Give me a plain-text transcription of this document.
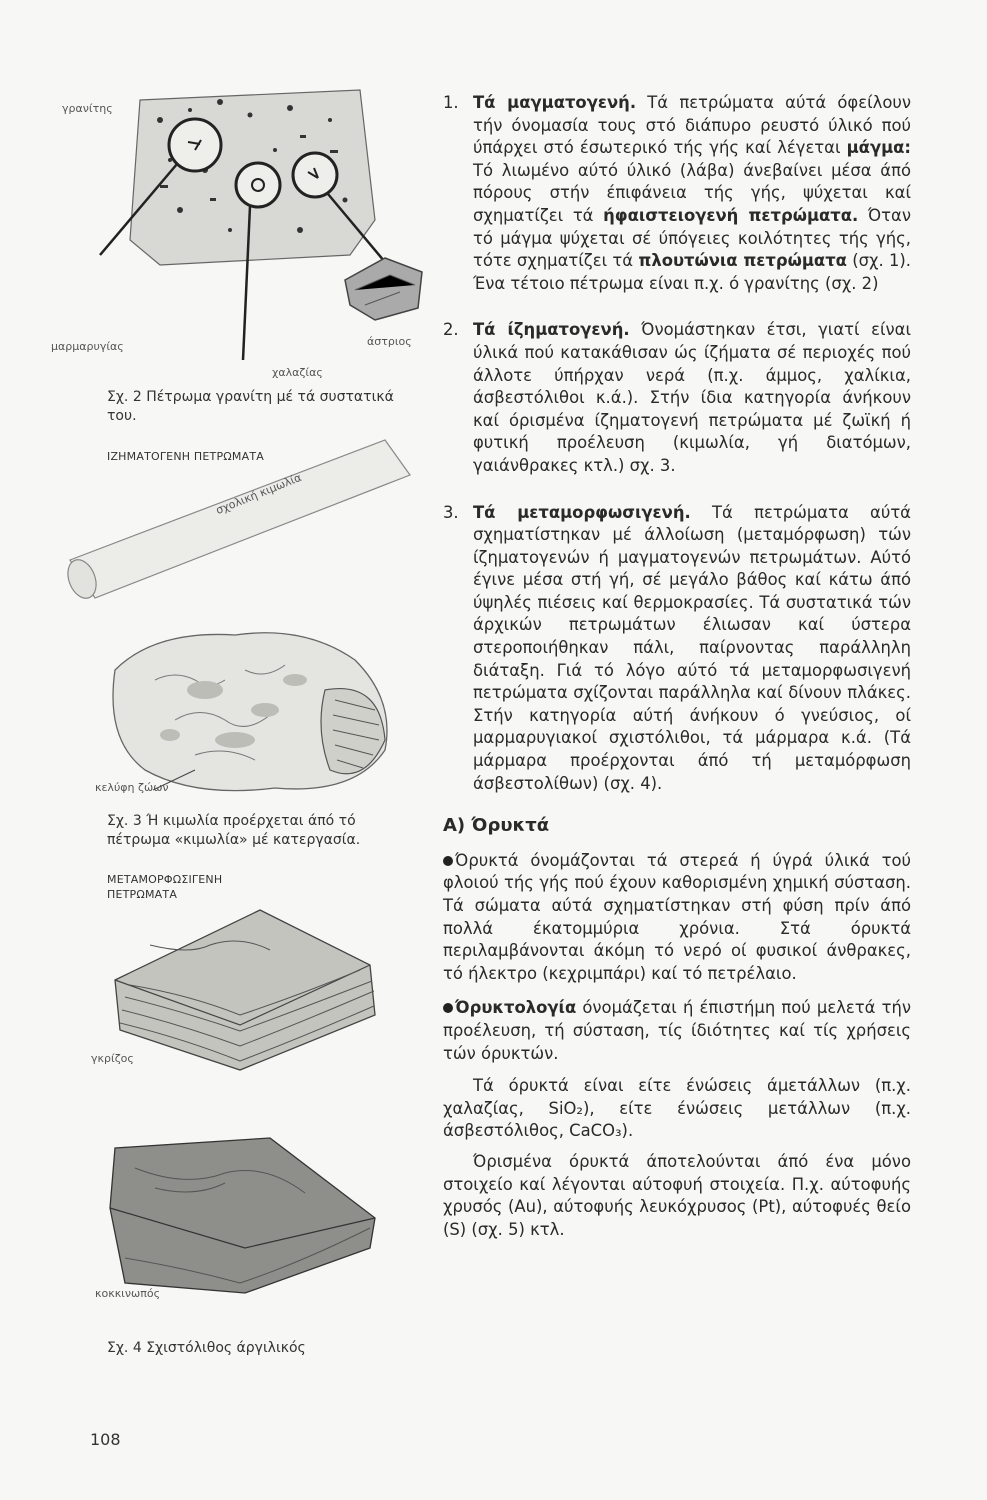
γρανίτης
μαρμαρυγίας	άστριος
χαλαζίας
Σχ. 2 Πέτρωμα γρανίτη μέ τά συστατικά του.
ΙΖΗΜΑΤΟΓΕΝΗ ΠΕΤΡΩΜΑΤΑ
σχολική κιμωλία
κελύφη ζώων
Σχ. 3 Ή κιμωλία προέρχεται άπό τό πέτρωμα «κιμωλία» μέ κατεργασία.
ΜΕΤΑΜΟΡΦΩΣΙΓΕΝΗ ΠΕΤΡΩΜΑΤΑ
γκρίζος
κοκκινωπός
Σχ. 4 Σχιστόλιθος άργιλικός
1. Τά μαγματογενή. Τά πετρώματα αύτά όφείλουν τήν όνομασία τους στό διάπυρο ρευστό ύλικό πού ύπάρχει στό έσωτερικό τής γής καί λέγεται μάγμα: Τό λιωμένο αύτό ύλικό (λάβα) άνεβαίνει μέσα άπό πόρους στήν έπιφάνεια τής γής, ψύχεται καί σχηματίζει τά ήφαιστειογενή πετρώματα. Όταν τό μάγμα ψύχεται σέ ύπόγειες κοιλότητες τής γής, τότε σχηματίζει τά πλουτώνια πετρώματα (σχ. 1). Ένα τέτοιο πέτρωμα είναι π.χ. ό γρανίτης (σχ. 2)
2. Τά ίζηματογενή. Όνομάστηκαν έτσι, γιατί είναι ύλικά πού κατακάθισαν ώς ίζήματα σέ περιοχές πού άλλοτε ύπήρχαν νερά (π.χ. άμμος, χαλίκια, άσβεστόλιθοι κ.ά.). Στήν ίδια κατηγορία άνήκουν καί όρισμένα ίζηματογενή πετρώματα μέ ζωϊκή ή φυτική προέλευση (κιμωλία, γή διατόμων, γαιάνθρακες κτλ.) σχ. 3.
3. Τά μεταμορφωσιγενή. Τά πετρώματα αύτά σχηματίστηκαν μέ άλλοίωση (μεταμόρφωση) τών ίζηματογενών ή μαγματογενών πετρωμάτων. Αύτό έγινε μέσα στή γή, σέ μεγάλο βάθος καί κάτω άπό ύψηλές πιέσεις καί θερμοκρασίες. Τά συστατικά τών άρχικών πετρωμάτων έλιωσαν καί ύστερα στεροποιήθηκαν πάλι, παίρνοντας παράλληλη διάταξη. Γιά τό λόγο αύτό τά μεταμορφωσιγενή πετρώματα σχίζονται παράλληλα καί δίνουν πλάκες. Στήν κατηγορία αύτή άνήκουν ό γνεύσιος, οί μαρμαρυγιακοί σχιστόλιθοι, τά μάρμαρα κ.ά. (Τά μάρμαρα προέρχονται άπό τή μεταμόρφωση άσβεστολίθων) (σχ. 4).

Α) Όρυκτά

Όρυκτά όνομάζονται τά στερεά ή ύγρά ύλικά τού φλοιού τής γής πού έχουν καθορισμένη χημική σύσταση. Τά σώματα αύτά σχηματίστηκαν στή φύση πρίν άπό πολλά έκατομμύρια χρόνια. Στά όρυκτά περιλαμβάνονται άκόμη τό νερό οί φυσικοί άνθρακες, τό ήλεκτρο (κεχριμπάρι) καί τό πετρέλαιο.

Όρυκτολογία όνομάζεται ή έπιστήμη πού μελετά τήν προέλευση, τή σύσταση, τίς ίδιότητες καί τίς χρήσεις τών όρυκτών.

Τά όρυκτά είναι είτε ένώσεις άμετάλλων (π.χ. χαλαζίας, SiO₂), είτε ένώσεις μετάλλων (π.χ. άσβεστόλιθος, CaCO₃).

Όρισμένα όρυκτά άποτελούνται άπό ένα μόνο στοιχείο καί λέγονται αύτοφυή στοιχεία. Π.χ. αύτοφυής χρυσός (Au), αύτοφυής λευκόχρυσος (Pt), αύτοφυές θείο (S) (σχ. 5) κτλ.

108
